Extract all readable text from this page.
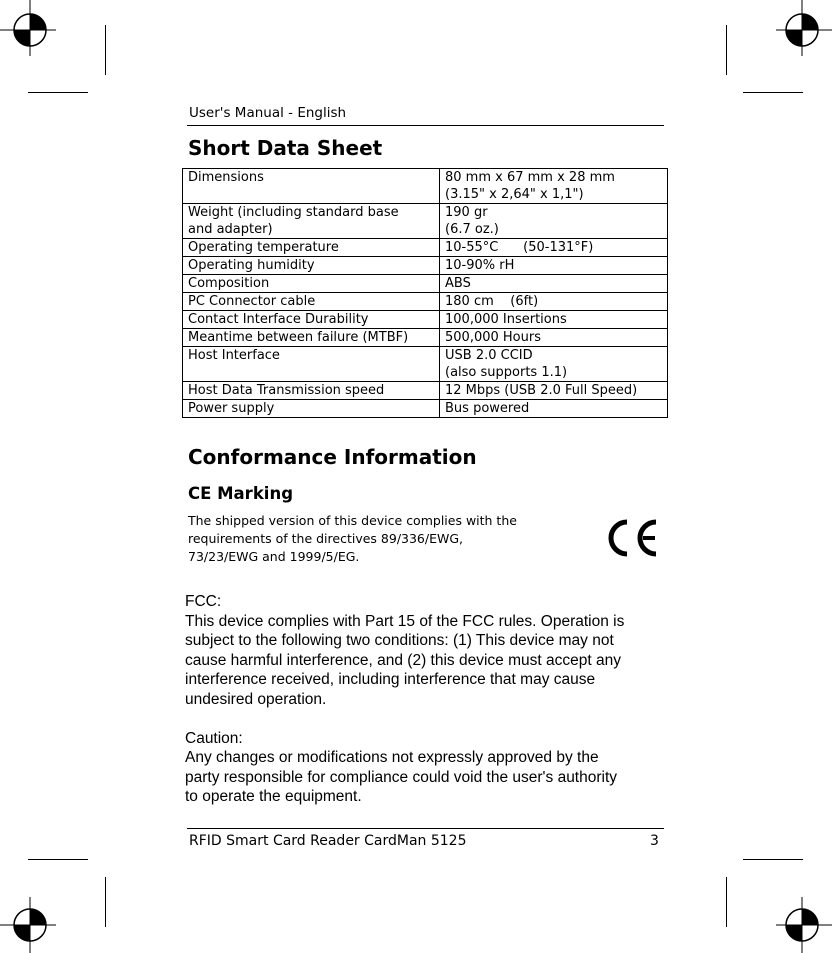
User's Manual - English
Short Data Sheet
Dimensions	80 mm x 67 mm x 28 mm
(3.15" x 2,64" x 1,1")

Weight (including standard base
and adapter)	190 gr
(6.7 oz.)

Operating temperature	10-55°C      (50-131°F)

Operating humidity	10-90% rH

Composition	ABS

PC Connector cable	180 cm    (6ft)

Contact Interface Durability	100,000 Insertions

Meantime between failure (MTBF)	500,000 Hours

Host Interface	USB 2.0 CCID
(also supports 1.1)

Host Data Transmission speed	12 Mbps (USB 2.0 Full Speed)

Power supply	Bus powered
Conformance Information
CE Marking
The shipped version of this device complies with the
requirements of the directives 89/336/EWG,
73/23/EWG and 1999/5/EG.

FCC:

This device complies with Part 15 of the FCC rules. Operation is

subject to the following two conditions: (1) This device may not

cause harmful interference, and (2) this device must accept any

interference received, including interference that may cause

undesired operation.

Caution:

Any changes or modifications not expressly approved by the

party responsible for compliance could void the user's authority

to operate the equipment.

RFID Smart Card Reader CardMan 5125	3
